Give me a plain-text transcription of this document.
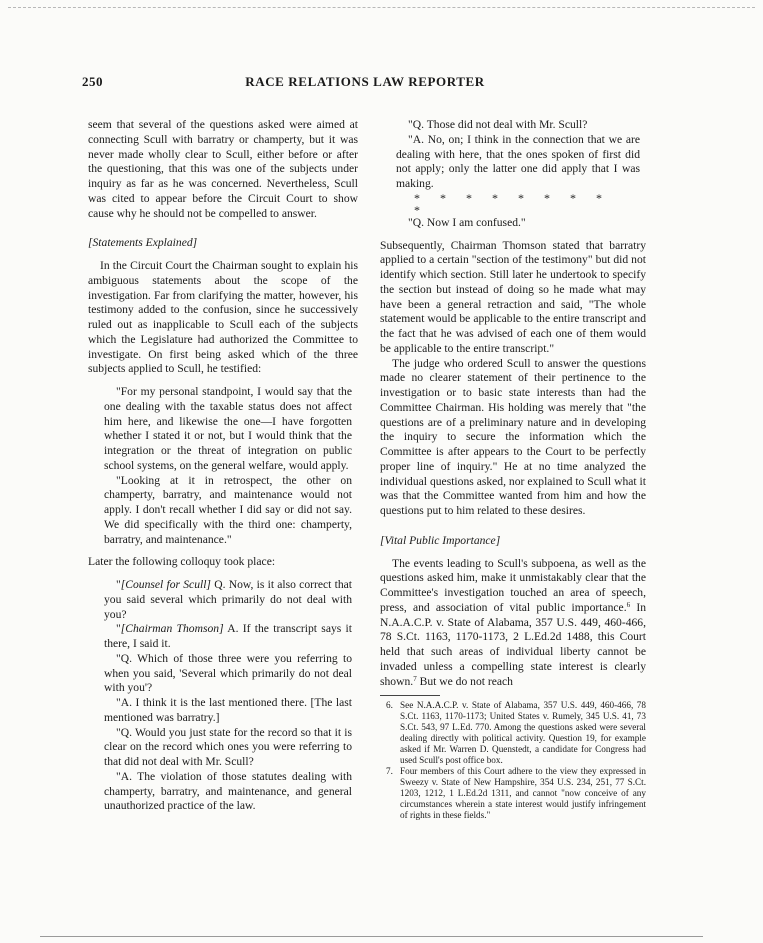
250	RACE RELATIONS LAW REPORTER

seem that several of the questions asked were aimed at connecting Scull with barratry or champerty, but it was never made wholly clear to Scull, either before or after the questioning, that this was one of the subjects under inquiry as far as he was concerned. Nevertheless, Scull was cited to appear before the Circuit Court to show cause why he should not be compelled to answer.

[Statements Explained]

In the Circuit Court the Chairman sought to explain his ambiguous statements about the scope of the investigation. Far from clarifying the matter, however, his testimony added to the confusion, since he successively ruled out as inapplicable to Scull each of the subjects which the Legislature had authorized the Committee to investigate. On first being asked which of the three subjects applied to Scull, he testified:

"For my personal standpoint, I would say that the one dealing with the taxable status does not affect him here, and likewise the one—I have forgotten whether I stated it or not, but I would think that the integration or the threat of integration on public school systems, on the general welfare, would apply.

"Looking at it in retrospect, the other on champerty, barratry, and maintenance would not apply. I don't recall whether I did say or did not say. We did specifically with the third one: champerty, barratry, and maintenance."

Later the following colloquy took place:

"[Counsel for Scull] Q. Now, is it also correct that you said several which primarily do not deal with you?

"[Chairman Thomson] A. If the transcript says it there, I said it.

"Q. Which of those three were you referring to when you said, 'Several which primarily do not deal with you'?

"A. I think it is the last mentioned there. [The last mentioned was barratry.]

"Q. Would you just state for the record so that it is clear on the record which ones you were referring to that did not deal with Mr. Scull?

"A. The violation of those statutes dealing with champerty, barratry, and maintenance, and general unauthorized practice of the law.

"Q. Those did not deal with Mr. Scull?

"A. No, on; I think in the connection that we are dealing with here, that the ones spoken of first did not apply; only the latter one did apply that I was making.

* * * * * * * **

"Q. Now I am confused."

Subsequently, Chairman Thomson stated that barratry applied to a certain "section of the testimony" but did not identify which section. Still later he undertook to specify the section but instead of doing so he made what may have been a general retraction and said, "The whole statement would be applicable to the entire transcript and the fact that he was advised of each one of them would be applicable to the entire transcript."

The judge who ordered Scull to answer the questions made no clearer statement of their pertinence to the investigation or to basic state interests than had the Committee Chairman. His holding was merely that "the questions are of a preliminary nature and in developing the inquiry to secure the information which the Committee is after appears to the Court to be perfectly proper line of inquiry." He at no time analyzed the individual questions asked, nor explained to Scull what it was that the Committee wanted from him and how the questions put to him related to these desires.

[Vital Public Importance]

The events leading to Scull's subpoena, as well as the questions asked him, make it unmistakably clear that the Committee's investigation touched an area of speech, press, and association of vital public importance.$^6$ In N.A.A.C.P. v. State of Alabama, 357 U.S. 449, 460-466, 78 S.Ct. 1163, 1170-1173, 2 L.Ed.2d 1488, this Court held that such areas of individual liberty cannot be invaded unless a compelling state interest is clearly shown.$^7$ But we do not reach

6. See N.A.A.C.P. v. State of Alabama, 357 U.S. 449, 460-466, 78 S.Ct. 1163, 1170-1173; United States v. Rumely, 345 U.S. 41, 73 S.Ct. 543, 97 L.Ed. 770. Among the questions asked were several dealing directly with political activity. Question 19, for example asked if Mr. Warren D. Quenstedt, a candidate for Congress had used Scull's post office box.

7. Four members of this Court adhere to the view they expressed in Sweezy v. State of New Hampshire, 354 U.S. 234, 251, 77 S.Ct. 1203, 1212, 1 L.Ed.2d 1311, and cannot "now conceive of any circumstances wherein a state interest would justify infringement of rights in these fields."
